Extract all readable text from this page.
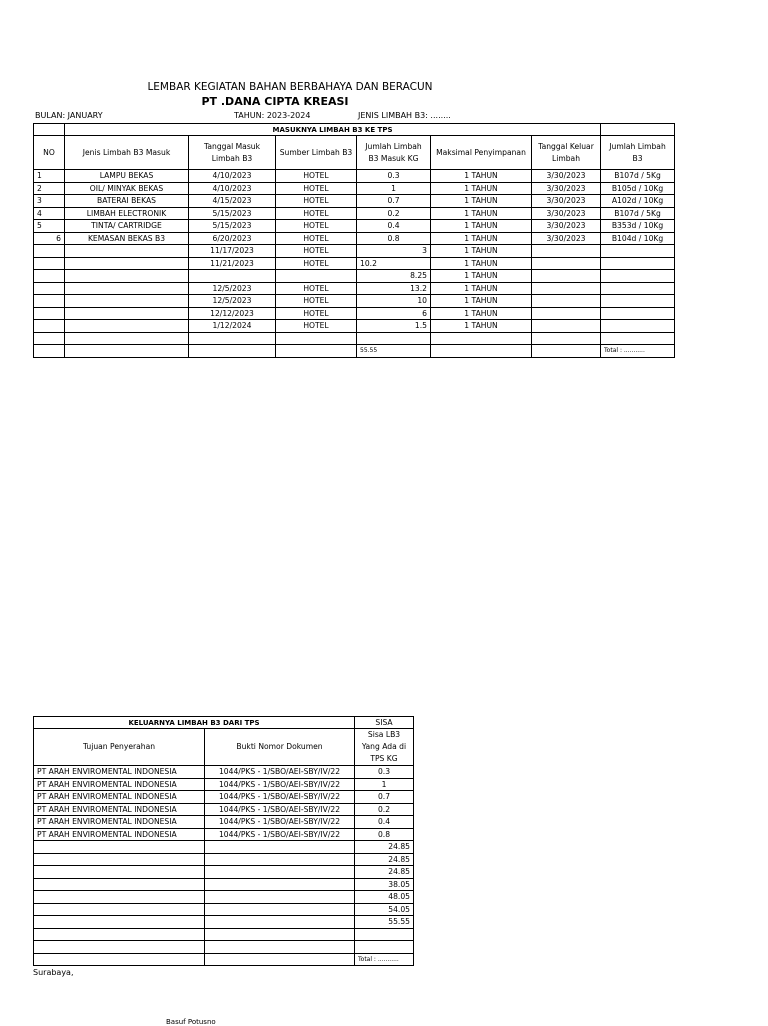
LEMBAR KEGIATAN BAHAN BERBAHAYA DAN BERACUN
PT .DANA CIPTA KREASI
BULAN: JANUARY	TAHUN: 2023-2024	JENIS LIMBAH B3: ........
	MASUKNYA LIMBAH B3 KE TPS						
NO	Jenis Limbah B3 Masuk	Tanggal Masuk Limbah B3	Sumber Limbah B3	Jumlah Limbah B3 Masuk KG	Maksimal Penyimpanan	Tanggal Keluar Limbah	Jumlah Limbah B3
1	LAMPU BEKAS	4/10/2023	HOTEL	0.3	1 TAHUN	3/30/2023	B107d / 5Kg
2	OIL/ MINYAK BEKAS	4/10/2023	HOTEL	1	1 TAHUN	3/30/2023	B105d / 10Kg
3	BATERAI BEKAS	4/15/2023	HOTEL	0.7	1 TAHUN	3/30/2023	A102d / 10Kg
4	LIMBAH ELECTRONIK	5/15/2023	HOTEL	0.2	1 TAHUN	3/30/2023	B107d / 5Kg
5	TINTA/ CARTRIDGE	5/15/2023	HOTEL	0.4	1 TAHUN	3/30/2023	B353d / 10Kg
6	KEMASAN BEKAS B3	6/20/2023	HOTEL	0.8	1 TAHUN	3/30/2023	B104d / 10Kg
		11/17/2023	HOTEL	3	1 TAHUN		
		11/21/2023	HOTEL	10.2	1 TAHUN		
				8.25	1 TAHUN		
		12/5/2023	HOTEL	13.2	1 TAHUN		
		12/5/2023	HOTEL	10	1 TAHUN		
		12/12/2023	HOTEL	6	1 TAHUN		
		1/12/2024	HOTEL	1.5	1 TAHUN		

				55.55			Total : ...........
KELUARNYA LIMBAH B3 DARI TPS		SISA
Tujuan Penyerahan	Bukti Nomor Dokumen	Sisa LB3 Yang Ada di TPS KG
PT ARAH ENVIROMENTAL INDONESIA	1044/PKS - 1/SBO/AEI-SBY/IV/22	0.3
PT ARAH ENVIROMENTAL INDONESIA	1044/PKS - 1/SBO/AEI-SBY/IV/22	1
PT ARAH ENVIROMENTAL INDONESIA	1044/PKS - 1/SBO/AEI-SBY/IV/22	0.7
PT ARAH ENVIROMENTAL INDONESIA	1044/PKS - 1/SBO/AEI-SBY/IV/22	0.2
PT ARAH ENVIROMENTAL INDONESIA	1044/PKS - 1/SBO/AEI-SBY/IV/22	0.4
PT ARAH ENVIROMENTAL INDONESIA	1044/PKS - 1/SBO/AEI-SBY/IV/22	0.8
		24.85
		24.85
		24.85
		38.05
		48.05
		54.05
		55.55

		Total : ...........
Surabaya,
Basuf Potusno
